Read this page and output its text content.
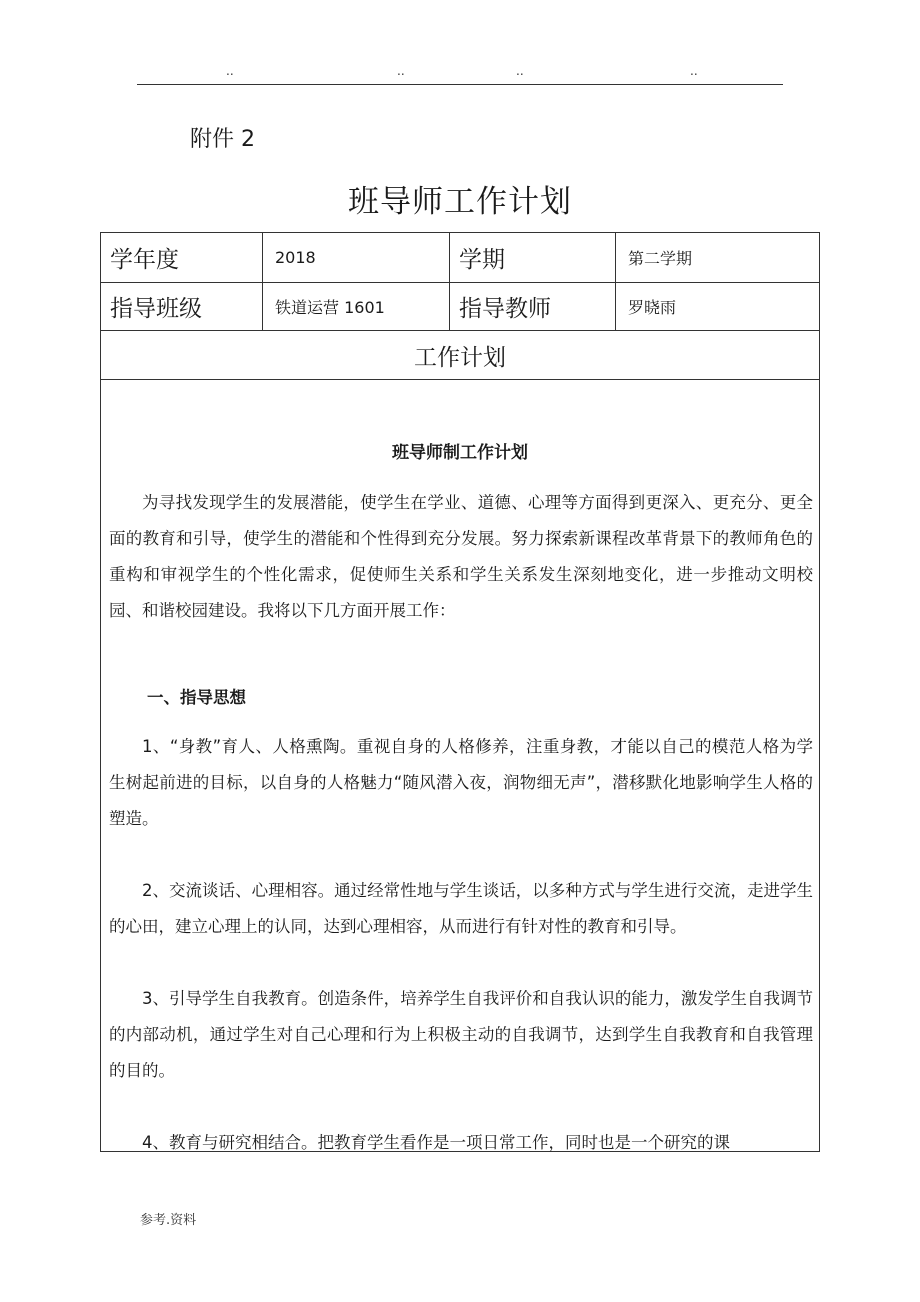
..	..	..	..
附件 2
班导师工作计划
学年度	2018	学期	第二学期
指导班级	铁道运营 1601	指导教师	罗晓雨
工作计划
班导师制工作计划

为寻找发现学生的发展潜能，使学生在学业、道德、心理等方面得到更深入、更充分、更全面的教育和引导，使学生的潜能和个性得到充分发展。努力探索新课程改革背景下的教师角色的重构和审视学生的个性化需求，促使师生关系和学生关系发生深刻地变化，进一步推动文明校园、和谐校园建设。我将以下几方面开展工作：

一、指导思想

1、“身教”育人、人格熏陶。重视自身的人格修养，注重身教，才能以自己的模范人格为学生树起前进的目标，以自身的人格魅力“随风潜入夜，润物细无声”，潜移默化地影响学生人格的塑造。

2、交流谈话、心理相容。通过经常性地与学生谈话，以多种方式与学生进行交流，走进学生的心田，建立心理上的认同，达到心理相容，从而进行有针对性的教育和引导。

3、引导学生自我教育。创造条件，培养学生自我评价和自我认识的能力，激发学生自我调节的内部动机，通过学生对自己心理和行为上积极主动的自我调节，达到学生自我教育和自我管理的目的。

4、教育与研究相结合。把教育学生看作是一项日常工作，同时也是一个研究的课

参考.资料
